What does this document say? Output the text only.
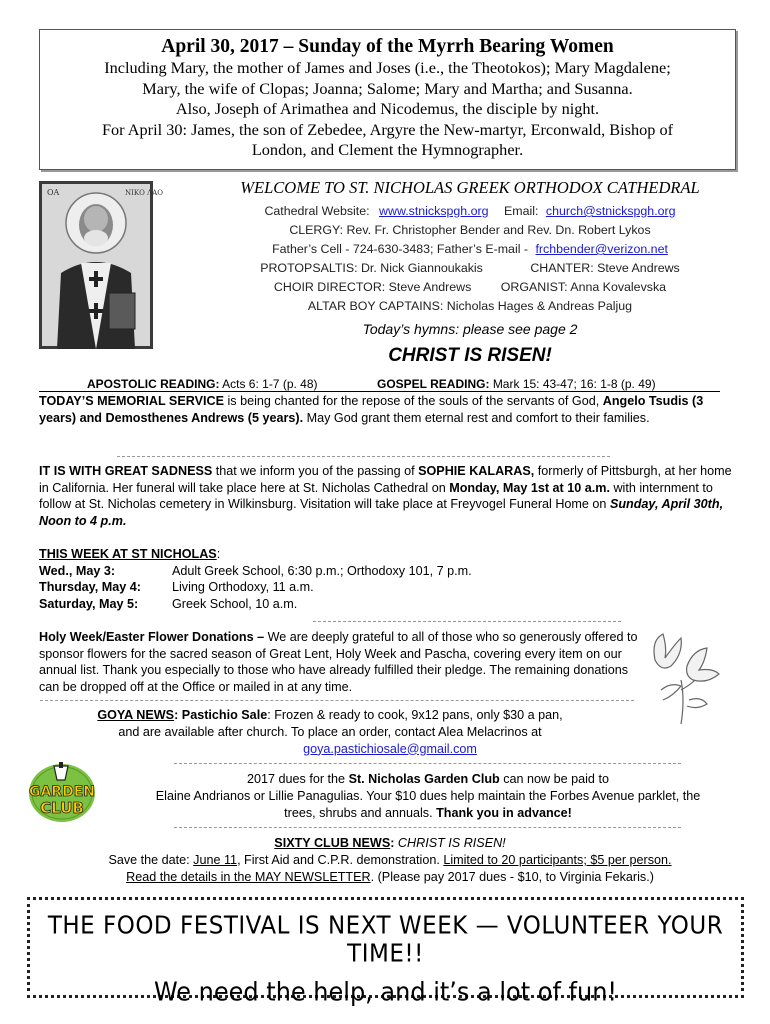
April 30, 2017 – Sunday of the Myrrh Bearing Women
Including Mary, the mother of James and Joses (i.e., the Theotokos); Mary Magdalene;
Mary, the wife of Clopas; Joanna; Salome; Mary and Martha; and Susanna.
Also, Joseph of Arimathea and Nicodemus, the disciple by night.
For April 30: James, the son of Zebedee, Argyre the New-martyr, Erconwald, Bishop of
London, and Clement the Hymnographer.
ΟΑ	ΝΙΚΟ ΛΑΟ	WELCOME TO ST. NICHOLAS GREEK ORTHODOX CATHEDRAL
Cathedral Website: www.stnickspgh.org Email: church@stnickspgh.org
CLERGY: Rev. Fr. Christopher Bender and Rev. Dn. Robert Lykos
Father’s Cell - 724-630-3483; Father’s E-mail - frchbender@verizon.net
PROTOPSALTIS: Dr. Nick Giannoukakis	CHANTER: Steve Andrews
CHOIR DIRECTOR: Steve Andrews ORGANIST: Anna Kovalevska
ALTAR BOY CAPTAINS: Nicholas Hages & Andreas Paljug
Today’s hymns: please see page 2
CHRIST IS RISEN!
APOSTOLIC READING: Acts 6: 1-7 (p. 48)	GOSPEL READING: Mark 15: 43-47; 16: 1-8 (p. 49)
TODAY’S MEMORIAL SERVICE is being chanted for the repose of the souls of the servants of God, Angelo Tsudis (3 years) and Demosthenes Andrews (5 years). May God grant them eternal rest and comfort to their families.
IT IS WITH GREAT SADNESS that we inform you of the passing of SOPHIE KALARAS, formerly of Pittsburgh, at her home in California. Her funeral will take place here at St. Nicholas Cathedral on Monday, May 1st at 10 a.m. with internment to follow at St. Nicholas cemetery in Wilkinsburg. Visitation will take place at Freyvogel Funeral Home on Sunday, April 30th, Noon to 4 p.m.
THIS WEEK AT ST NICHOLAS:
Wed., May 3:	Adult Greek School, 6:30 p.m.; Orthodoxy 101, 7 p.m.
Thursday, May 4: Living Orthodoxy, 11 a.m.
Saturday, May 5:	Greek School, 10 a.m.
Holy Week/Easter Flower Donations – We are deeply grateful to all of those who so generously offered to sponsor flowers for the sacred season of Great Lent, Holy Week and Pascha, covering every item on our annual list. Thank you especially to those who have already fulfilled their pledge. The remaining donations can be dropped off at the Office or mailed in at any time.
GOYA NEWS: Pastichio Sale: Frozen & ready to cook, 9x12 pans, only $30 a pan,
and are available after church. To place an order, contact Alea Melacrinos at
goya.pastichiosale@gmail.com
GARDEN
CLUB
2017 dues for the St. Nicholas Garden Club can now be paid to
Elaine Andrianos or Lillie Panagulias. Your $10 dues help maintain the Forbes Avenue parklet, the
trees, shrubs and annuals. Thank you in advance!
SIXTY CLUB NEWS: CHRIST IS RISEN!
Save the date: June 11, First Aid and C.P.R. demonstration. Limited to 20 participants; $5 per person.
Read the details in the MAY NEWSLETTER. (Please pay 2017 dues - $10, to Virginia Fekaris.)
THE FOOD FESTIVAL IS NEXT WEEK — VOLUNTEER YOUR TIME!!
We need the help, and it’s a lot of fun!
